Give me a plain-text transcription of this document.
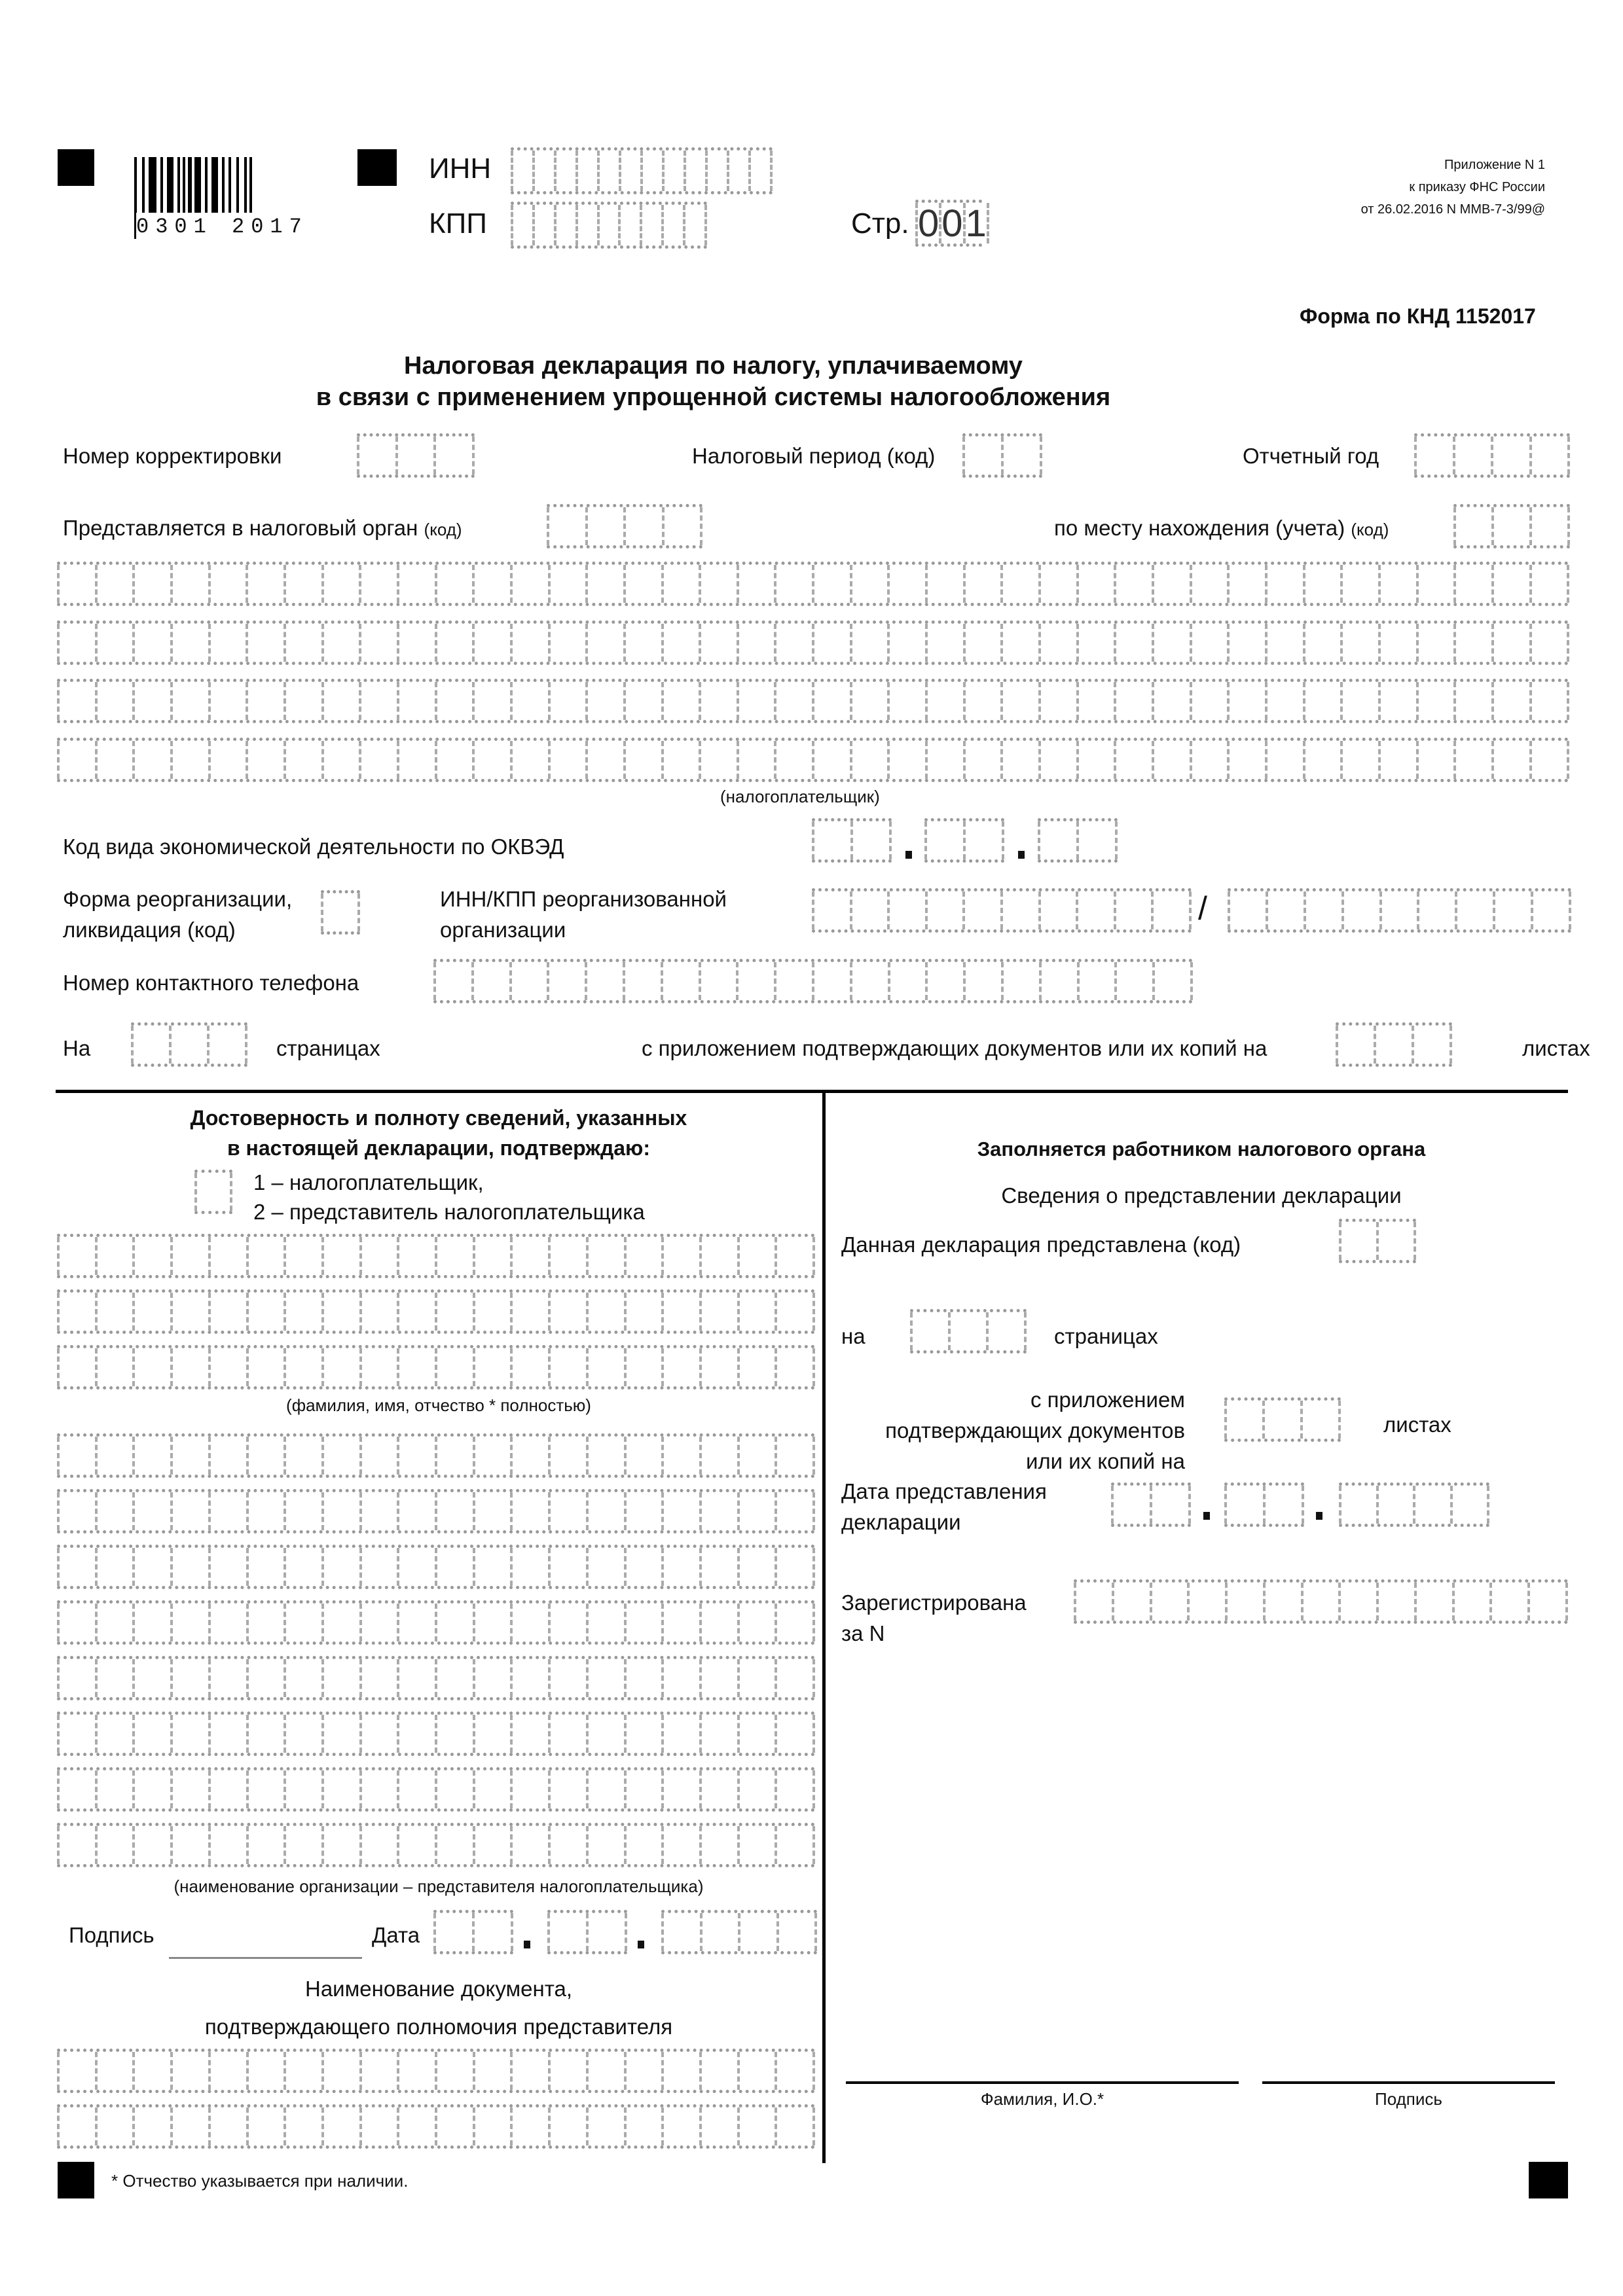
0301 2017
ИНН
КПП	Стр. 0 0 1
Приложение N 1
к приказу ФНС России
от 26.02.2016 N ММВ-7-3/99@
Форма по КНД 1152017
Налоговая декларация по налогу, уплачиваемому
в связи с применением упрощенной системы налогообложения
Номер корректировки	Налоговый период (код)	Отчетный год
Представляется в налоговый орган (код)	по месту нахождения (учета) (код)
(налогоплательщик)
Код вида экономической деятельности по ОКВЭД
Форма реорганизации,
ликвидация (код)
ИНН/КПП реорганизованной
организации
/
Номер контактного телефона
На	страницах	с приложением подтверждающих документов или их копий на	листах
Достоверность и полноту сведений, указанных
в настоящей декларации, подтверждаю:
1 – налогоплательщик,
2 – представитель налогоплательщика
(фамилия, имя, отчество * полностью)
(наименование организации – представителя налогоплательщика)
Подпись	Дата
Наименование документа,
подтверждающего полномочия представителя
* Отчество указывается при наличии.
Заполняется работником налогового органа
Сведения о представлении декларации
Данная декларация представлена (код)
на	страницах
с приложением
подтверждающих документов
или их копий на
листах
Дата представления
декларации
Зарегистрирована
за N
Фамилия, И.О.*	Подпись
